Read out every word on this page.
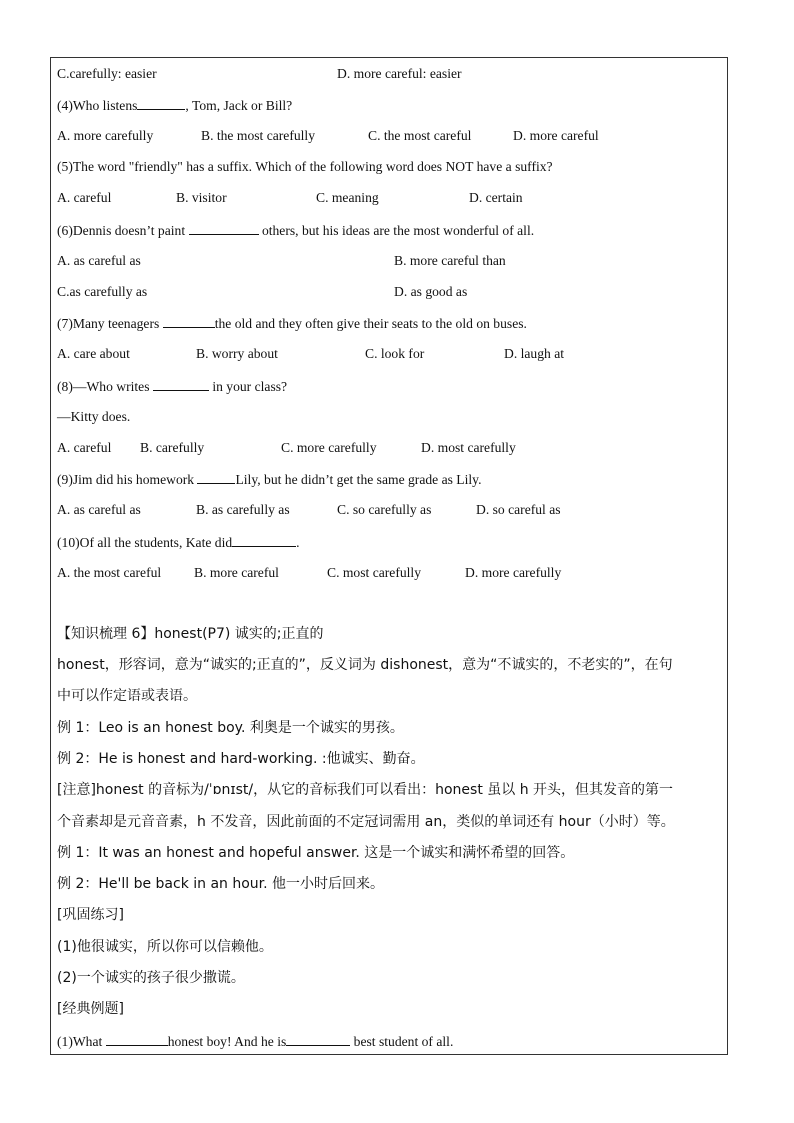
C.carefully: easier	D. more careful: easier
(4)Who listens	, Tom, Jack or Bill?
A. more carefully	B. the most carefully	C. the most careful	D. more careful
(5)The word "friendly" has a suffix. Which of the following word does NOT have a suffix?
A. careful	B. visitor	C. meaning	D. certain
(6)Dennis doesn’t paint	others, but his ideas are the most wonderful of all.
A. as careful as	B. more careful than
C.as carefully as	D. as good as
(7)Many teenagers	the old and they often give their seats to the old on buses.
A. care about	B. worry about	C. look for	D. laugh at
(8)—Who writes	in your class?
—Kitty does.
A. careful B. carefully	C. more carefully	D. most carefully
(9)Jim did his homework	Lily, but he didn’t get the same grade as Lily.
A. as careful as	B. as carefully as	C. so carefully as	D. so careful as
(10)Of all the students, Kate did	.
A. the most careful B. more careful	C. most carefully	D. more carefully
【知识梳理 6】honest(P7) 诚实的;正直的
honest，形容词，意为“诚实的;正直的”，反义词为 dishonest，意为“不诚实的，不老实的”，在句
中可以作定语或表语。
例 1：Leo is an honest boy. 利奥是一个诚实的男孩。
例 2：He is honest and hard-working. :他诚实、勤奋。
[注意]honest 的音标为/ˈɒnɪst/，从它的音标我们可以看出：honest 虽以 h 开头，但其发音的第一
个音素却是元音音素，h 不发音，因此前面的不定冠词需用 an，类似的单词还有 hour（小时）等。
例 1：It was an honest and hopeful answer. 这是一个诚实和满怀希望的回答。
例 2：He'll be back in an hour. 他一小时后回来。
[巩固练习]
(1)他很诚实，所以你可以信赖他。
(2)一个诚实的孩子很少撒谎。
[经典例题]
(1)What	honest boy! And he is	best student of all.
